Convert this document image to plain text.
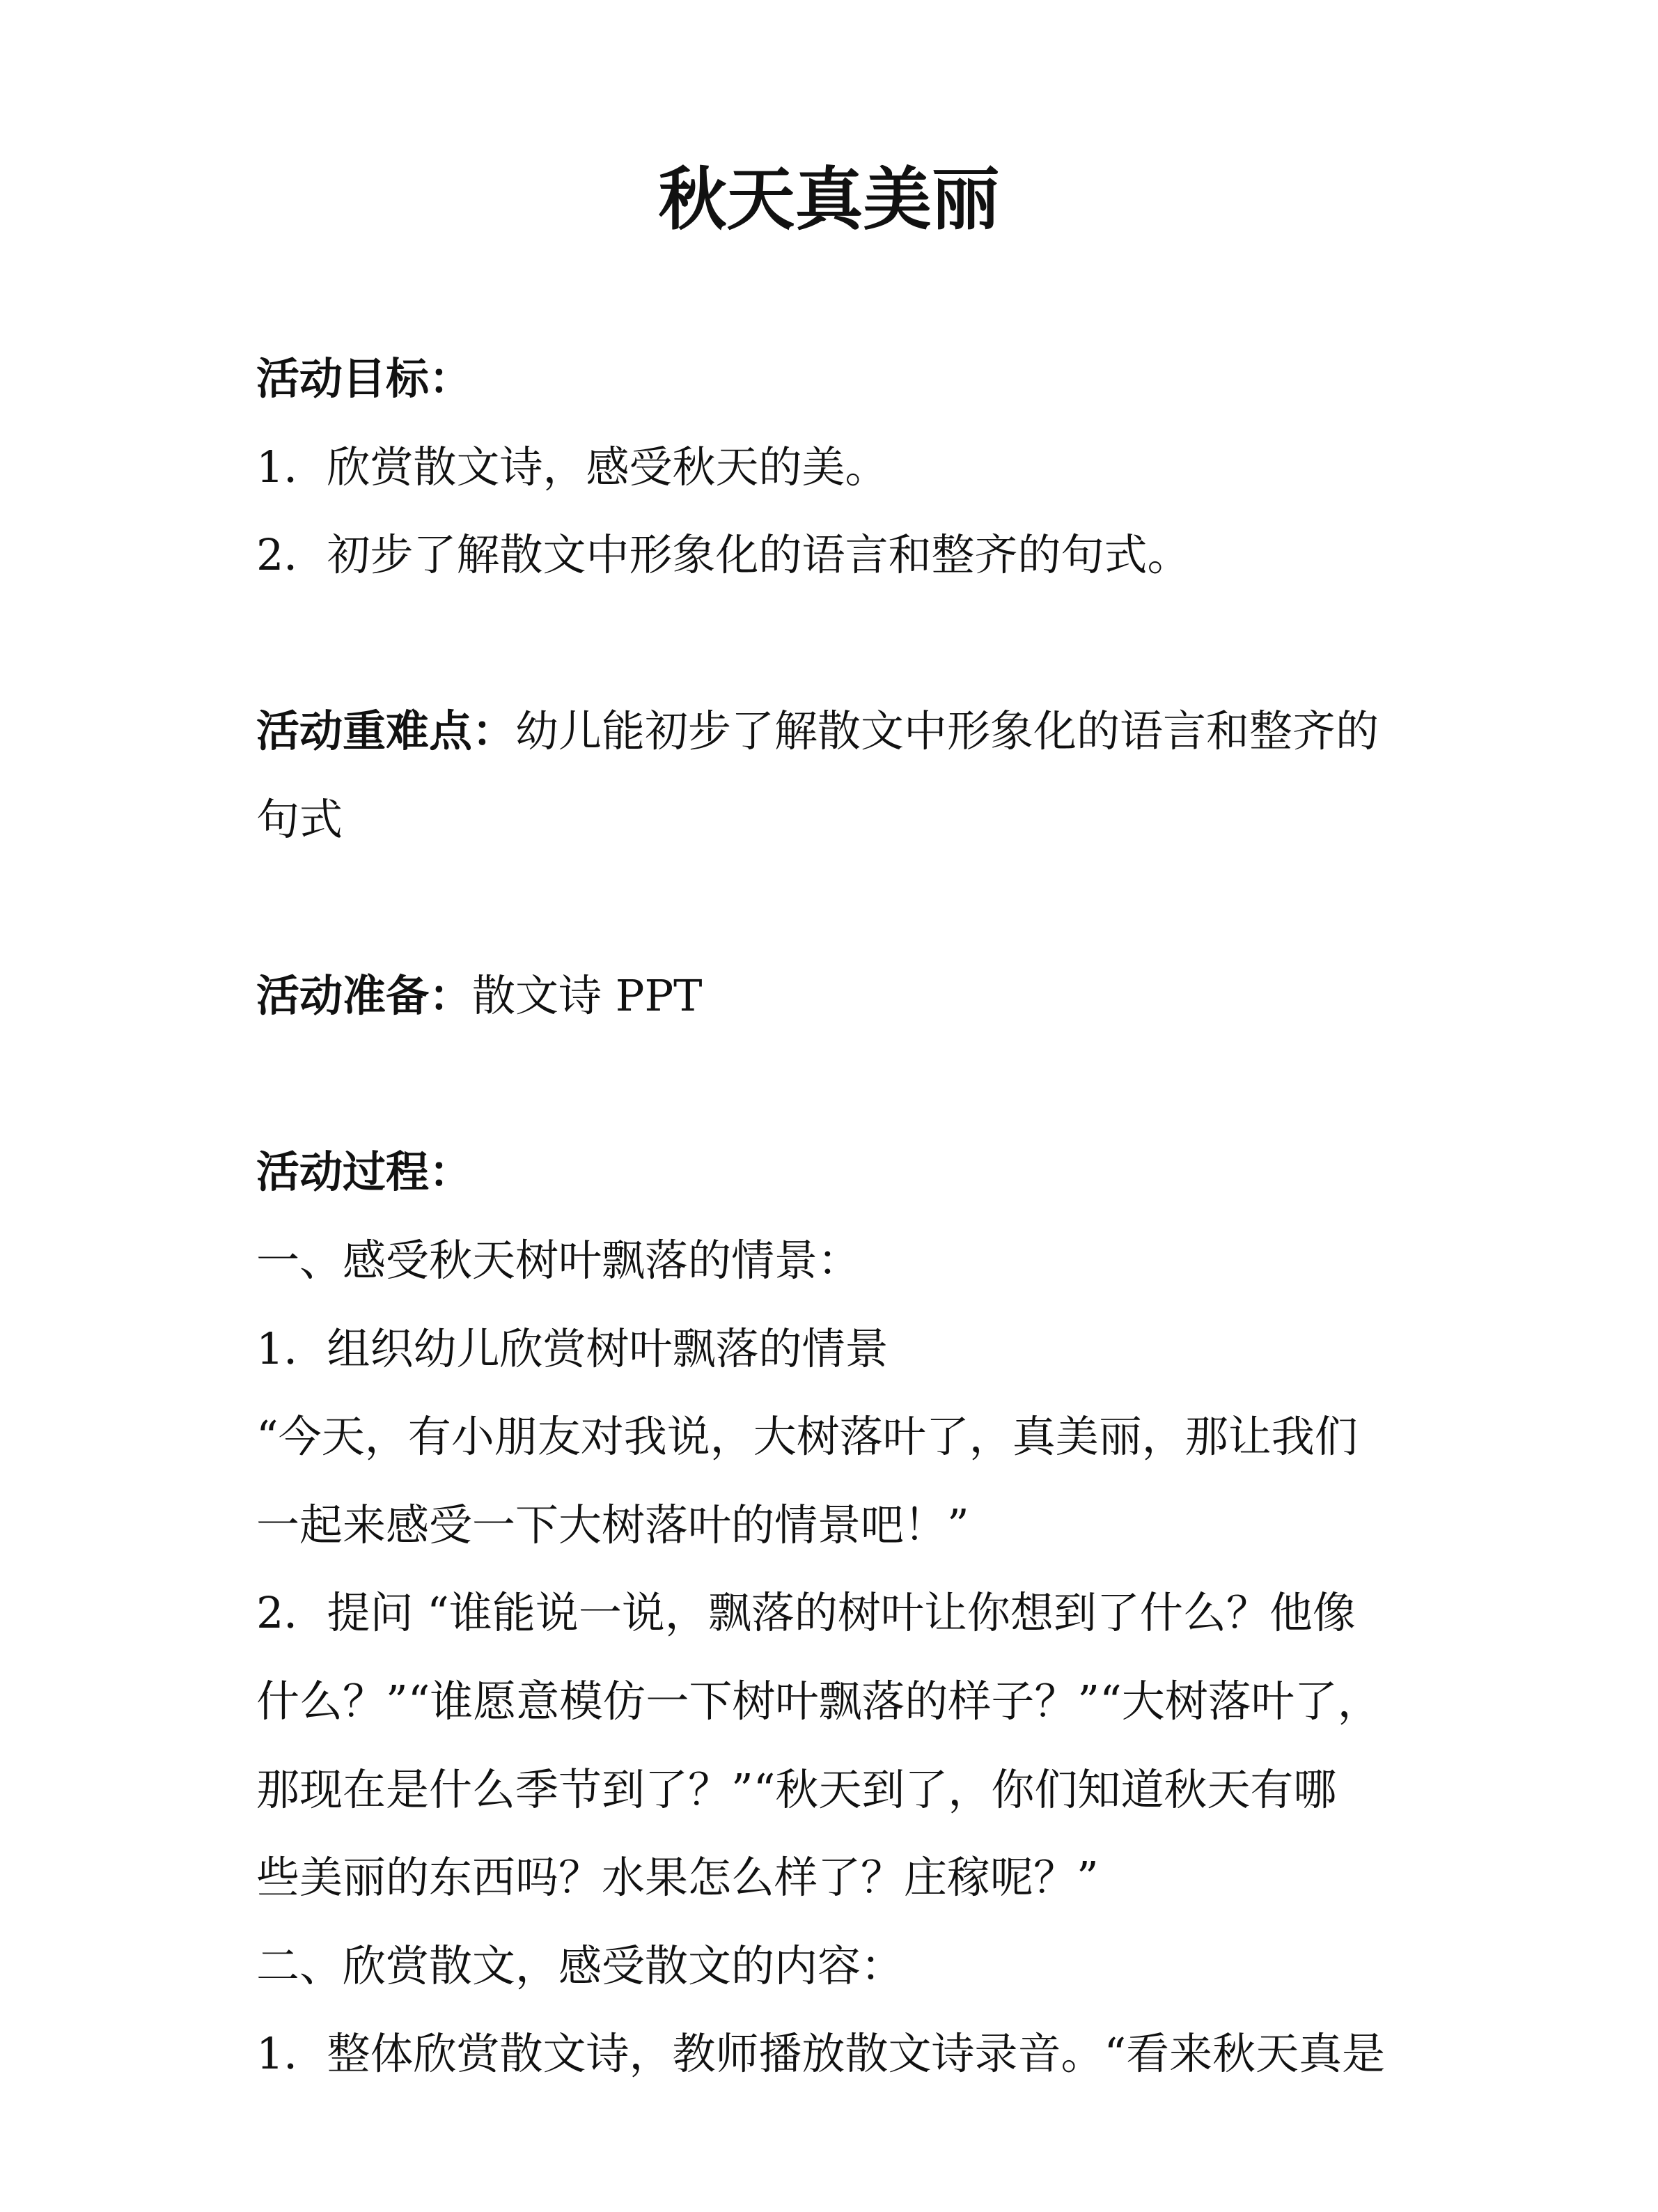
秋天真美丽
活动目标：
1．欣赏散文诗，感受秋天的美。
2．初步了解散文中形象化的语言和整齐的句式。
活动重难点：幼儿能初步了解散文中形象化的语言和整齐的
句式
活动准备：散文诗 PPT
活动过程：
一、感受秋天树叶飘落的情景：
1．组织幼儿欣赏树叶飘落的情景
“今天，有小朋友对我说，大树落叶了，真美丽，那让我们
一起来感受一下大树落叶的情景吧！”
2．提问 “谁能说一说，飘落的树叶让你想到了什么？他像
什么？”“谁愿意模仿一下树叶飘落的样子？”“大树落叶了，
那现在是什么季节到了？”“秋天到了，你们知道秋天有哪
些美丽的东西吗？水果怎么样了？庄稼呢？”
二、欣赏散文，感受散文的内容：
1．整体欣赏散文诗，教师播放散文诗录音。“看来秋天真是
